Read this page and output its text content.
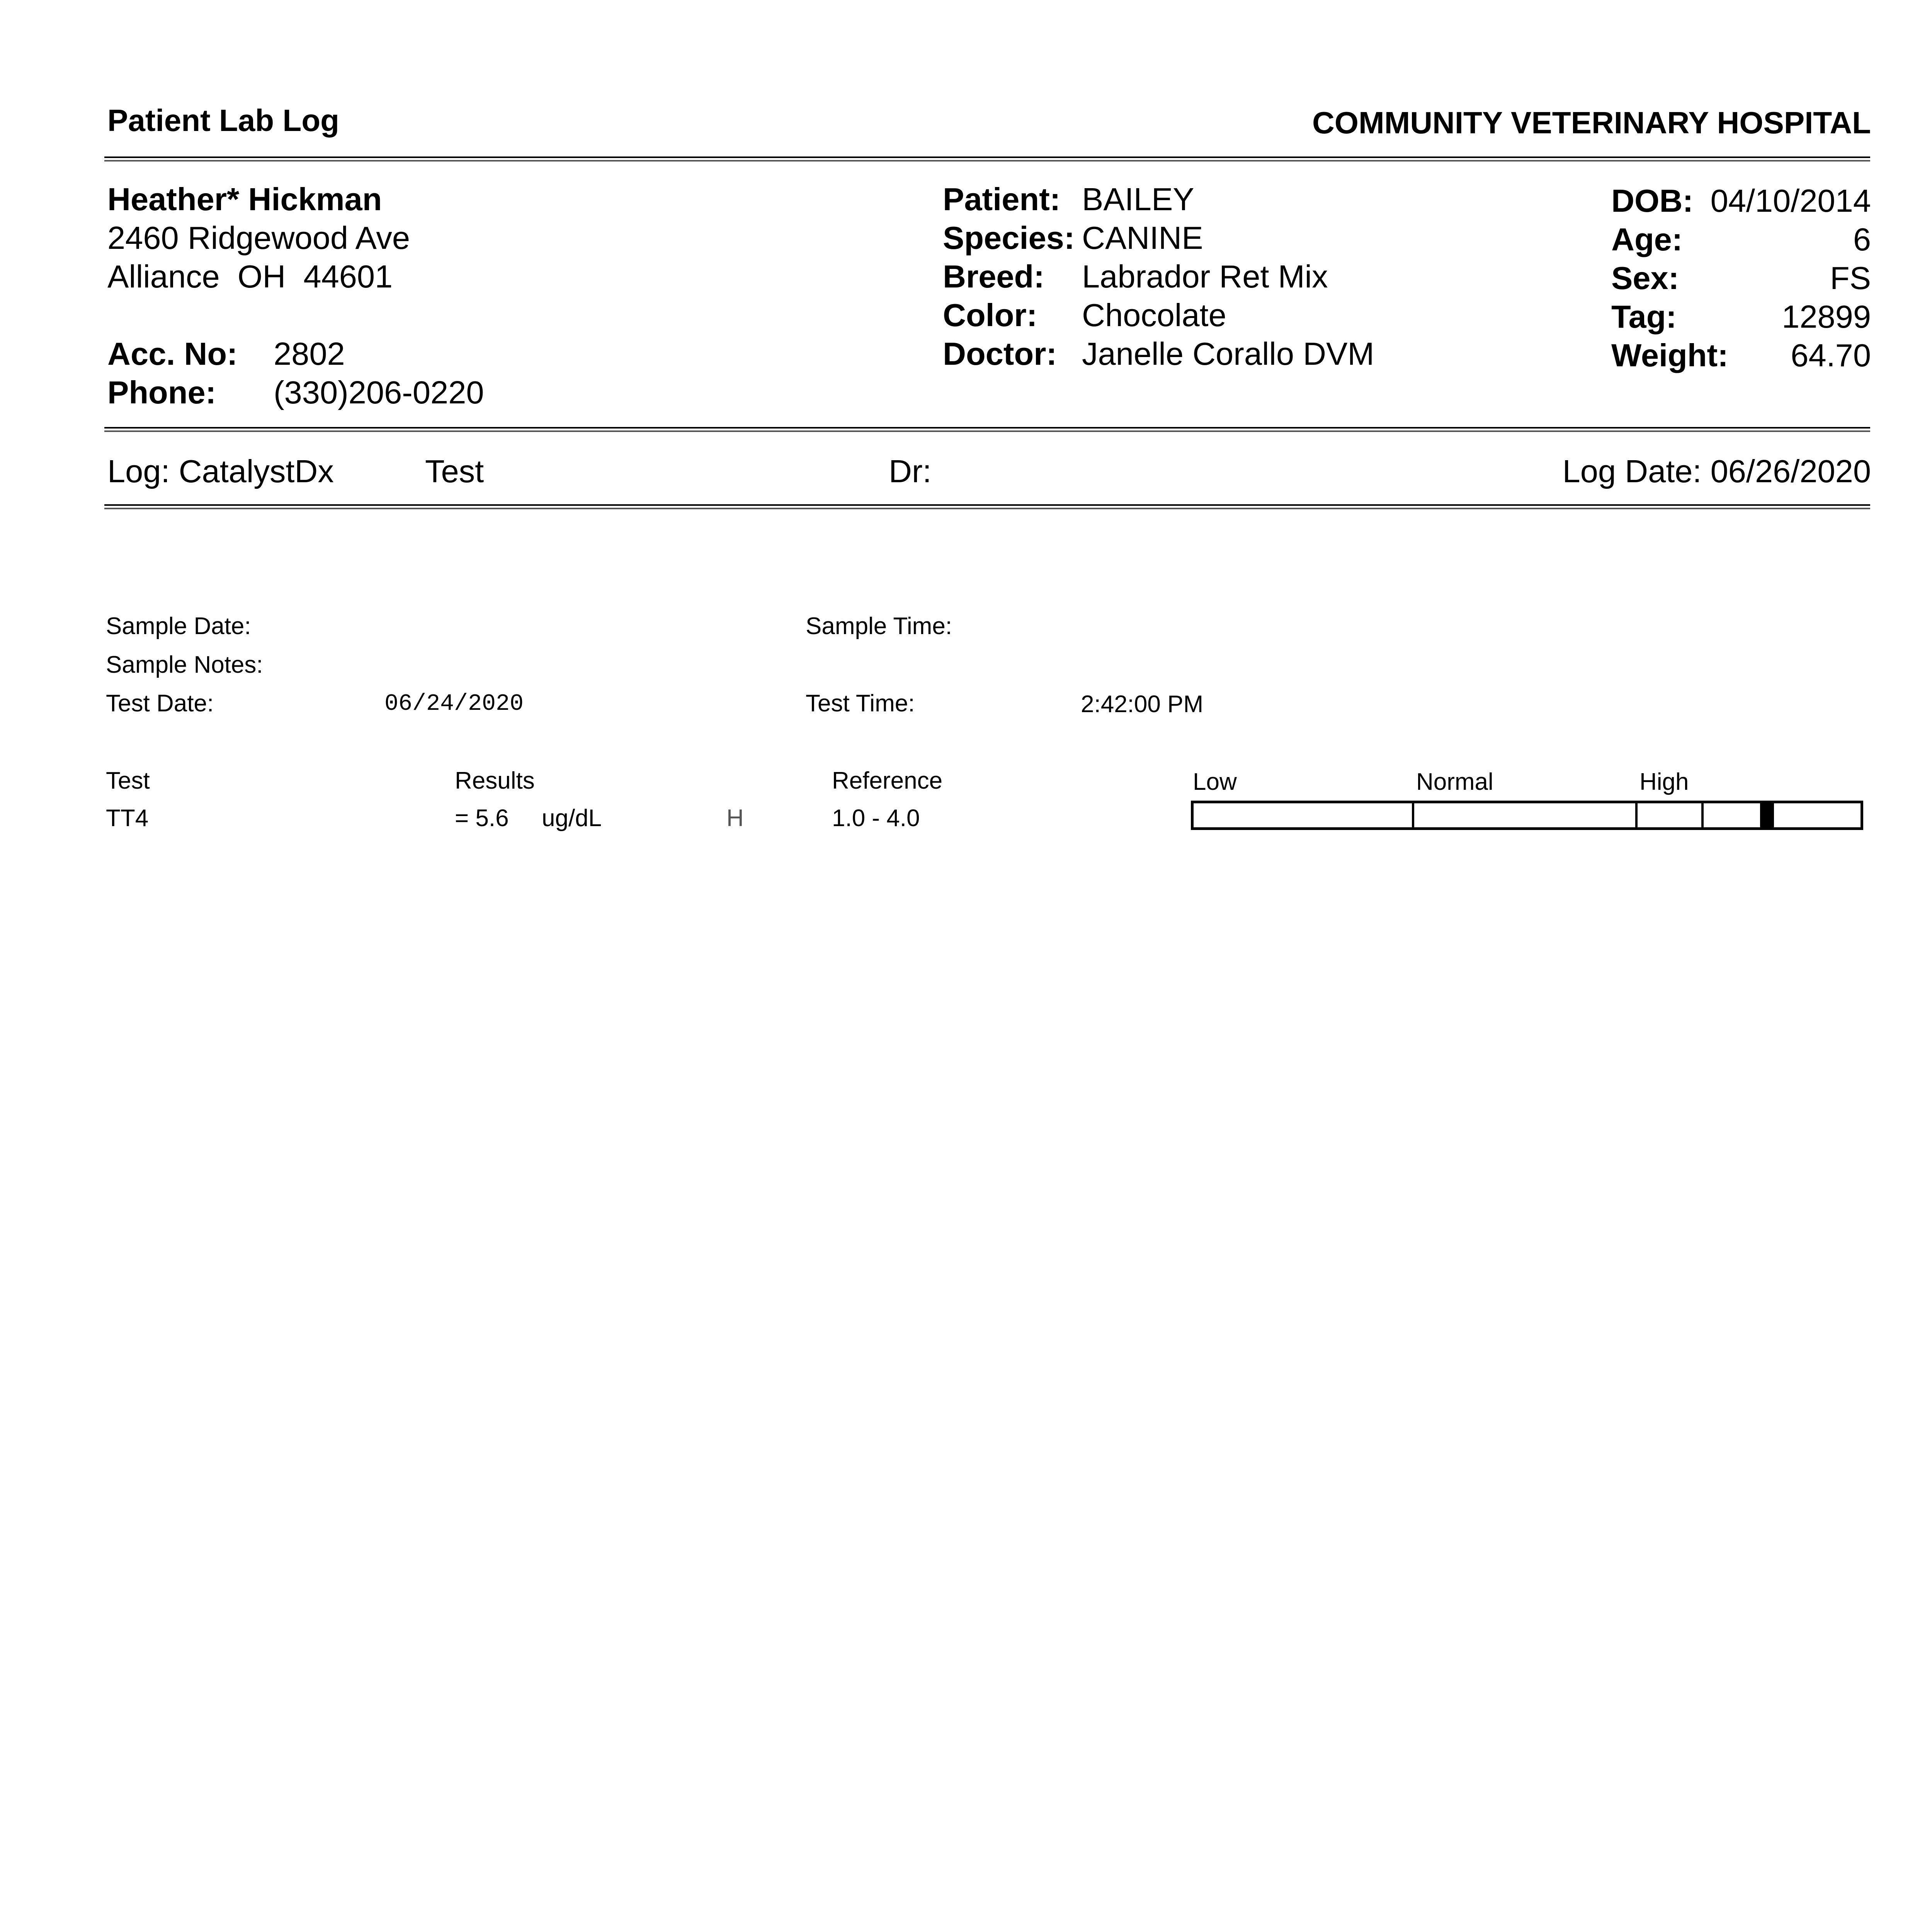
Patient Lab Log	COMMUNITY VETERINARY HOSPITAL
Heather* Hickman
2460 Ridgewood Ave
Alliance  OH  44601
Acc. No: 2802
Phone: (330)206-0220
Patient: BAILEY
Species: CANINE
Breed: Labrador Ret Mix
Color: Chocolate
Doctor: Janelle Corallo DVM
DOB: 04/10/2014
Age:	6
Sex:	FS
Tag:	12899
Weight: 64.70
Log: CatalystDx	Test	Dr:	Log Date: 06/26/2020
Sample Date:
Sample Notes:
Test Date:	06/24/2020
Sample Time:
Test Time:	2:42:00 PM
Test	Results	Reference	Low	Normal	High
TT4	= 5.6 ug/dL	H	1.0 - 4.0
